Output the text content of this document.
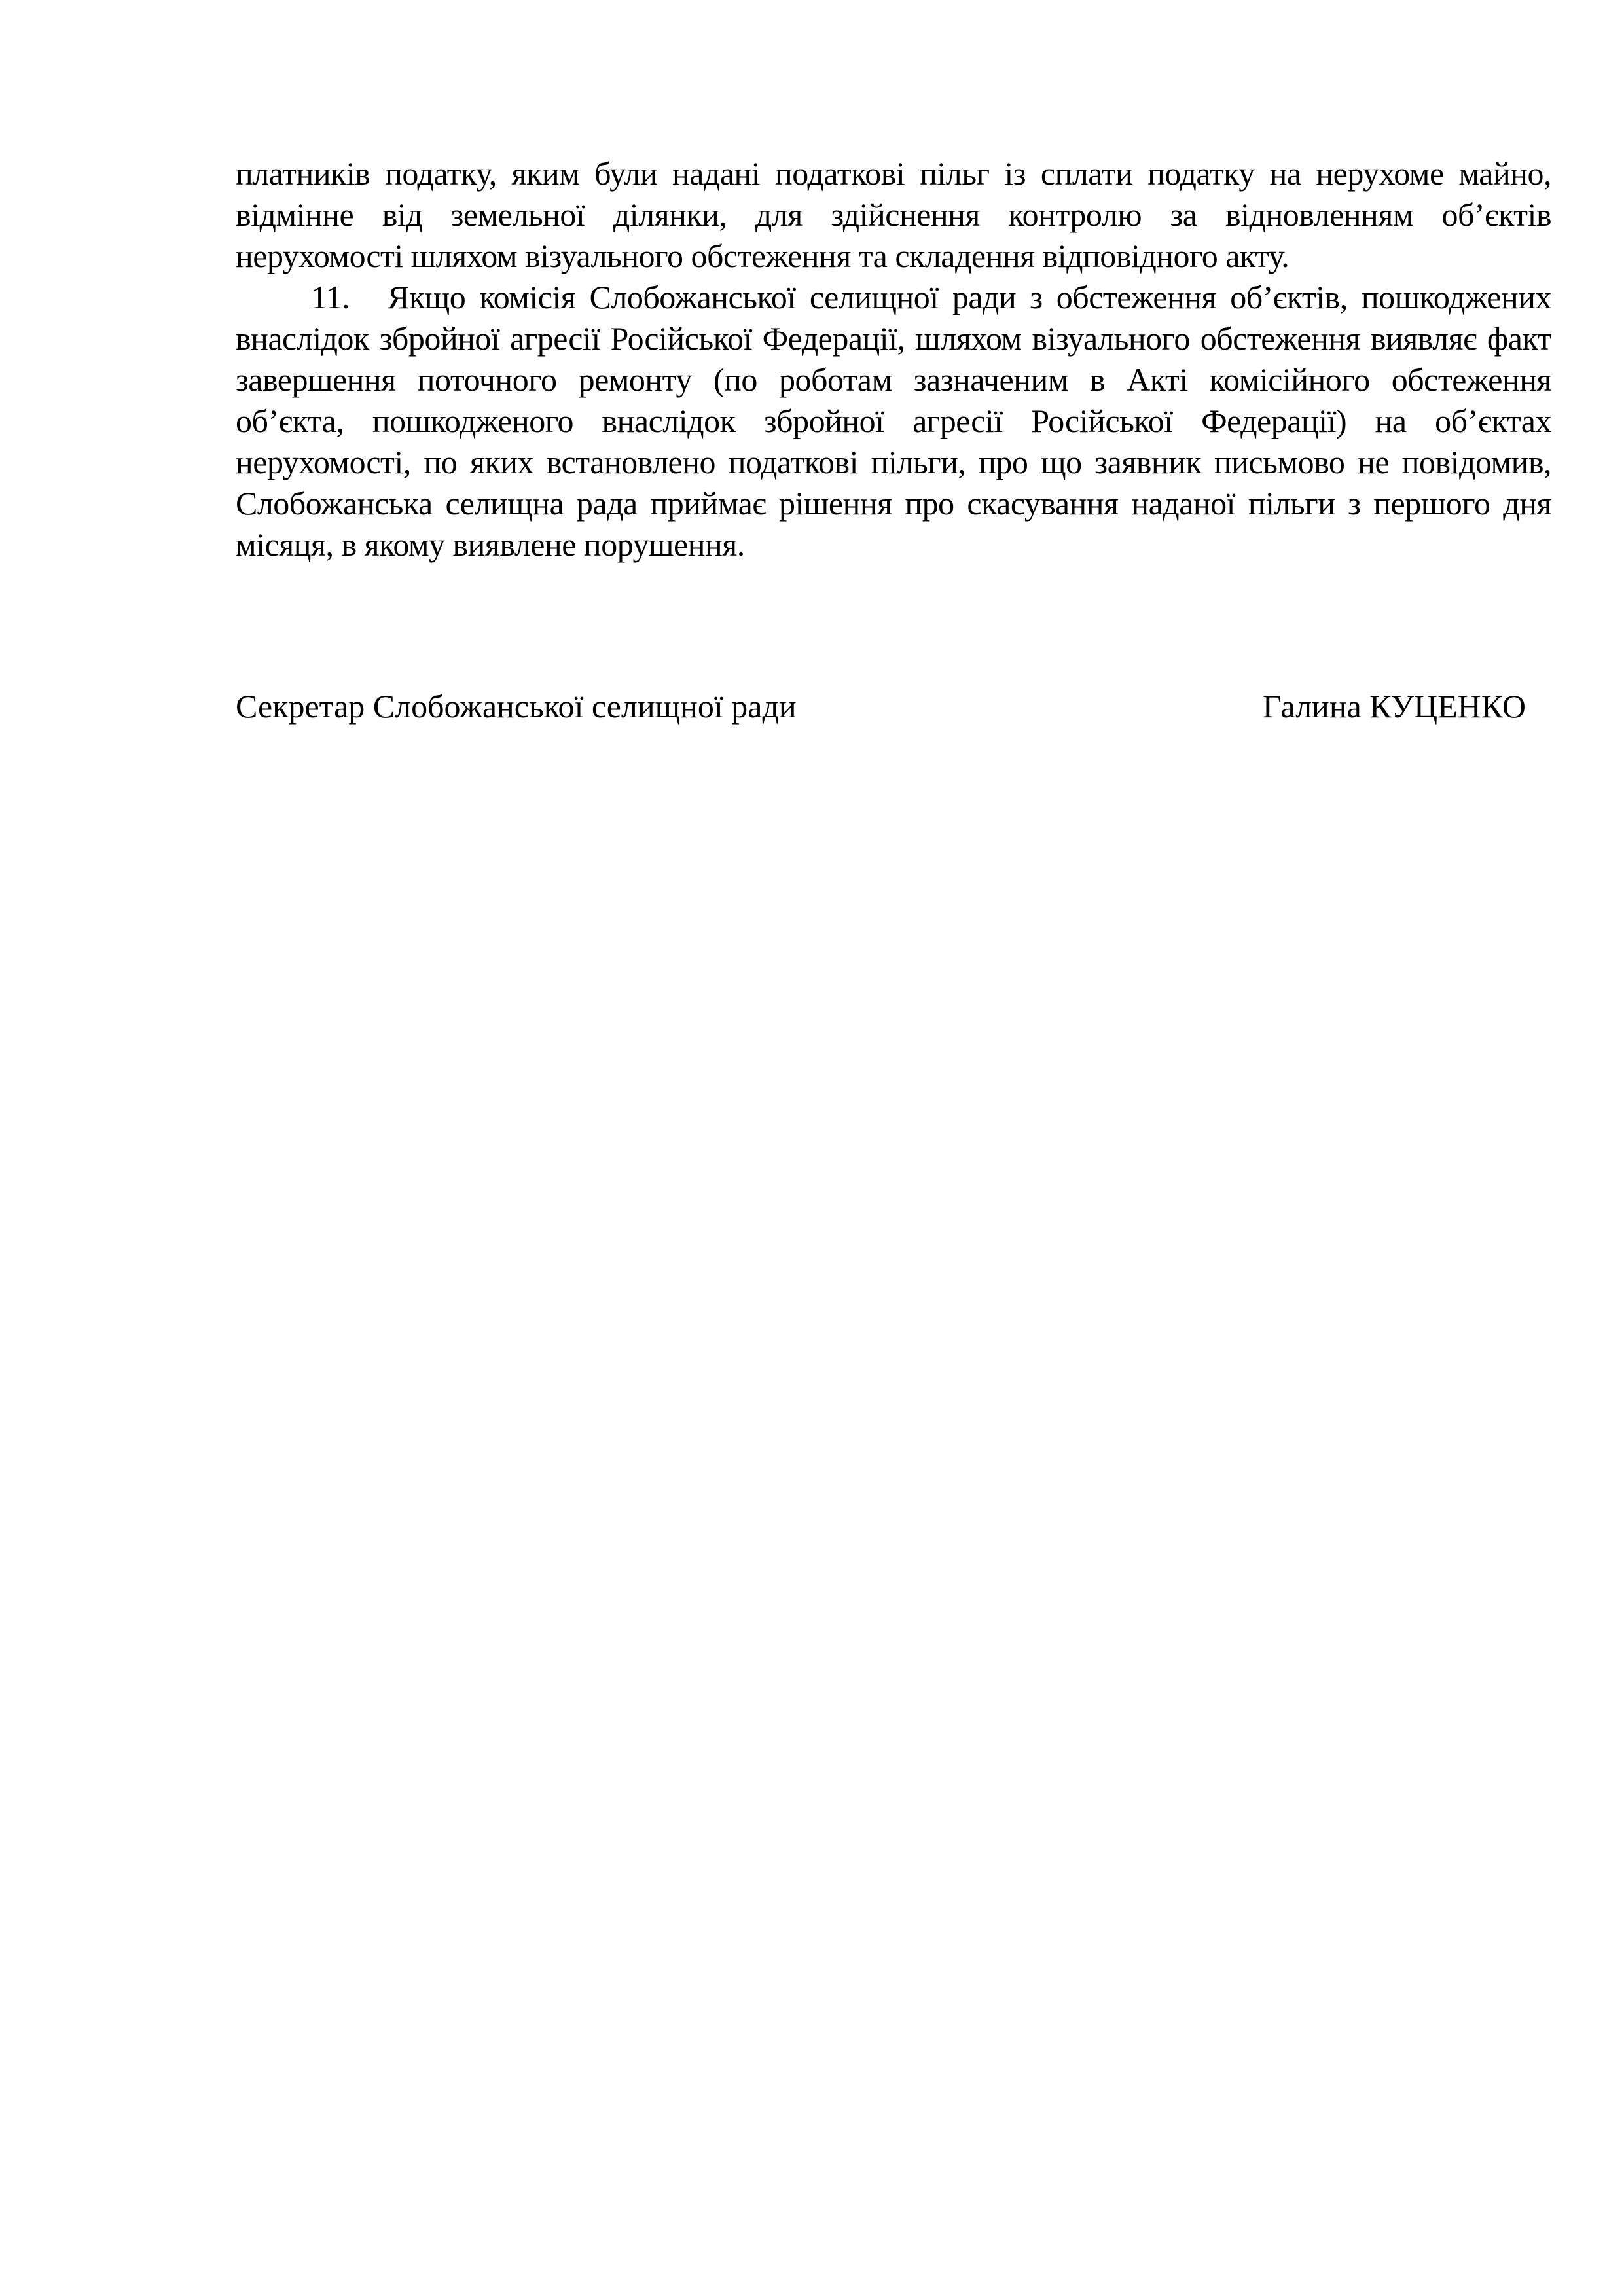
платників податку, яким були надані податкові пільг із сплати податку на нерухоме майно,
відмінне від земельної ділянки, для здійснення контролю за відновленням об’єктів
нерухомості шляхом візуального обстеження та складення відповідного акту.
11. Якщо комісія Слобожанської селищної ради з обстеження об’єктів, пошкоджених
внаслідок збройної агресії Російської Федерації, шляхом візуального обстеження виявляє факт
завершення поточного ремонту (по роботам зазначеним в Акті комісійного обстеження
об’єкта, пошкодженого внаслідок збройної агресії Російської Федерації) на об’єктах
нерухомості, по яких встановлено податкові пільги, про що заявник письмово не повідомив,
Слобожанська селищна рада приймає рішення про скасування наданої пільги з першого дня
місяця, в якому виявлене порушення.
Секретар Слобожанської селищної ради	Галина КУЦЕНКО
